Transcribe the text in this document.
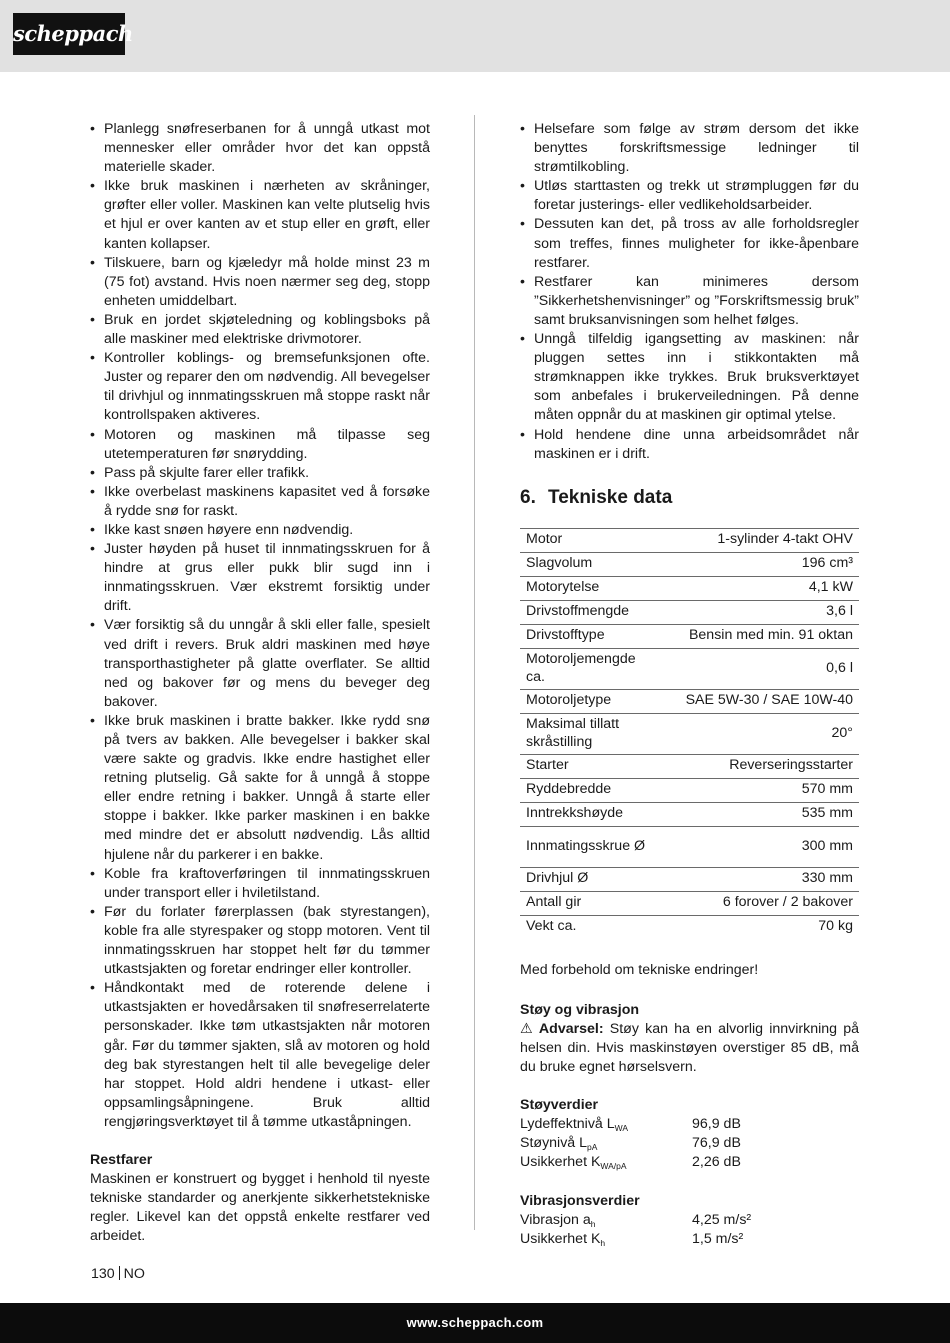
scheppach
• Planlegg snøfreserbanen for å unngå utkast mot mennesker eller områder hvor det kan oppstå materielle skader.
• Ikke bruk maskinen i nærheten av skråninger, grøfter eller voller. Maskinen kan velte plutselig hvis et hjul er over kanten av et stup eller en grøft, eller kanten kollapser.
• Tilskuere, barn og kjæledyr må holde minst 23 m (75 fot) avstand. Hvis noen nærmer seg deg, stopp enheten umiddelbart.
• Bruk en jordet skjøteledning og koblingsboks på alle maskiner med elektriske drivmotorer.
• Kontroller koblings- og bremsefunksjonen ofte. Juster og reparer den om nødvendig. All bevegelser til drivhjul og innmatingsskruen må stoppe raskt når kontrollspaken aktiveres.
• Motoren og maskinen må tilpasse seg utetemperaturen før snørydding.
• Pass på skjulte farer eller trafikk.
• Ikke overbelast maskinens kapasitet ved å forsøke å rydde snø for raskt.
• Ikke kast snøen høyere enn nødvendig.
• Juster høyden på huset til innmatingsskruen for å hindre at grus eller pukk blir sugd inn i innmatingsskruen. Vær ekstremt forsiktig under drift.
• Vær forsiktig så du unngår å skli eller falle, spesielt ved drift i revers. Bruk aldri maskinen med høye transporthastigheter på glatte overflater. Se alltid ned og bakover før og mens du beveger deg bakover.
• Ikke bruk maskinen i bratte bakker. Ikke rydd snø på tvers av bakken. Alle bevegelser i bakker skal være sakte og gradvis. Ikke endre hastighet eller retning plutselig. Gå sakte for å unngå å stoppe eller endre retning i bakker. Unngå å starte eller stoppe i bakker. Ikke parker maskinen i en bakke med mindre det er absolutt nødvendig. Lås alltid hjulene når du parkerer i en bakke.
• Koble fra kraftoverføringen til innmatingsskruen under transport eller i hviletilstand.
• Før du forlater førerplassen (bak styrestangen), koble fra alle styrespaker og stopp motoren. Vent til innmatingsskruen har stoppet helt før du tømmer utkastsjakten og foretar endringer eller kontroller.
• Håndkontakt med de roterende delene i utkastsjakten er hovedårsaken til snøfreserrelaterte personskader. Ikke tøm utkastsjakten når motoren går. Før du tømmer sjakten, slå av motoren og hold deg bak styrestangen helt til alle bevegelige deler har stoppet. Hold aldri hendene i utkast- eller oppsamlingsåpningene. Bruk alltid rengjøringsverktøyet til å tømme utkaståpningen.

Restfarer

Maskinen er konstruert og bygget i henhold til nyeste tekniske standarder og anerkjente sikkerhetstekniske regler. Likevel kan det oppstå enkelte restfarer ved arbeidet.

• Helsefare som følge av strøm dersom det ikke benyttes forskriftsmessige ledninger til strømtilkobling.
• Utløs starttasten og trekk ut strømpluggen før du foretar justerings- eller vedlikeholdsarbeider.
• Dessuten kan det, på tross av alle forholdsregler som treffes, finnes muligheter for ikke-åpenbare restfarer.
• Restfarer kan minimeres dersom ”Sikkerhetshenvisninger” og ”Forskriftsmessig bruk” samt bruksanvisningen som helhet følges.
• Unngå tilfeldig igangsetting av maskinen: når pluggen settes inn i stikkontakten må strømknappen ikke trykkes. Bruk bruksverktøyet som anbefales i brukerveiledningen. På denne måten oppnår du at maskinen gir optimal ytelse.
• Hold hendene dine unna arbeidsområdet når maskinen er i drift.
6. Tekniske data
Motor	1-sylinder 4-takt OHV
Slagvolum	196 cm³
Motorytelse	4,1 kW
Drivstoffmengde	3,6 l
Drivstofftype	Bensin med min. 91 oktan
Motoroljemengde ca.	0,6 l
Motoroljetype	SAE 5W-30 / SAE 10W-40
Maksimal tillatt skråstilling	20°
Starter	Reverseringsstarter
Ryddebredde	570 mm
Inntrekkshøyde	535 mm
Innmatingsskrue Ø	300 mm
Drivhjul Ø	330 mm
Antall gir	6 forover / 2 bakover
Vekt ca.	70 kg

Med forbehold om tekniske endringer!

Støy og vibrasjon

⚠ Advarsel: Støy kan ha en alvorlig innvirkning på helsen din. Hvis maskinstøyen overstiger 85 dB, må du bruke egnet hørselsvern.

Støyverdier

Lydeffektnivå $L_{WA}$	96,9 dB
Støynivå $L_{pA}$	76,9 dB
Usikkerhet $K_{WA/pA}$	2,26 dB

Vibrasjonsverdier

Vibrasjon $a_h$	4,25 m/s²
Usikkerhet $K_h$	1,5 m/s²
130 NO
www.scheppach.com
